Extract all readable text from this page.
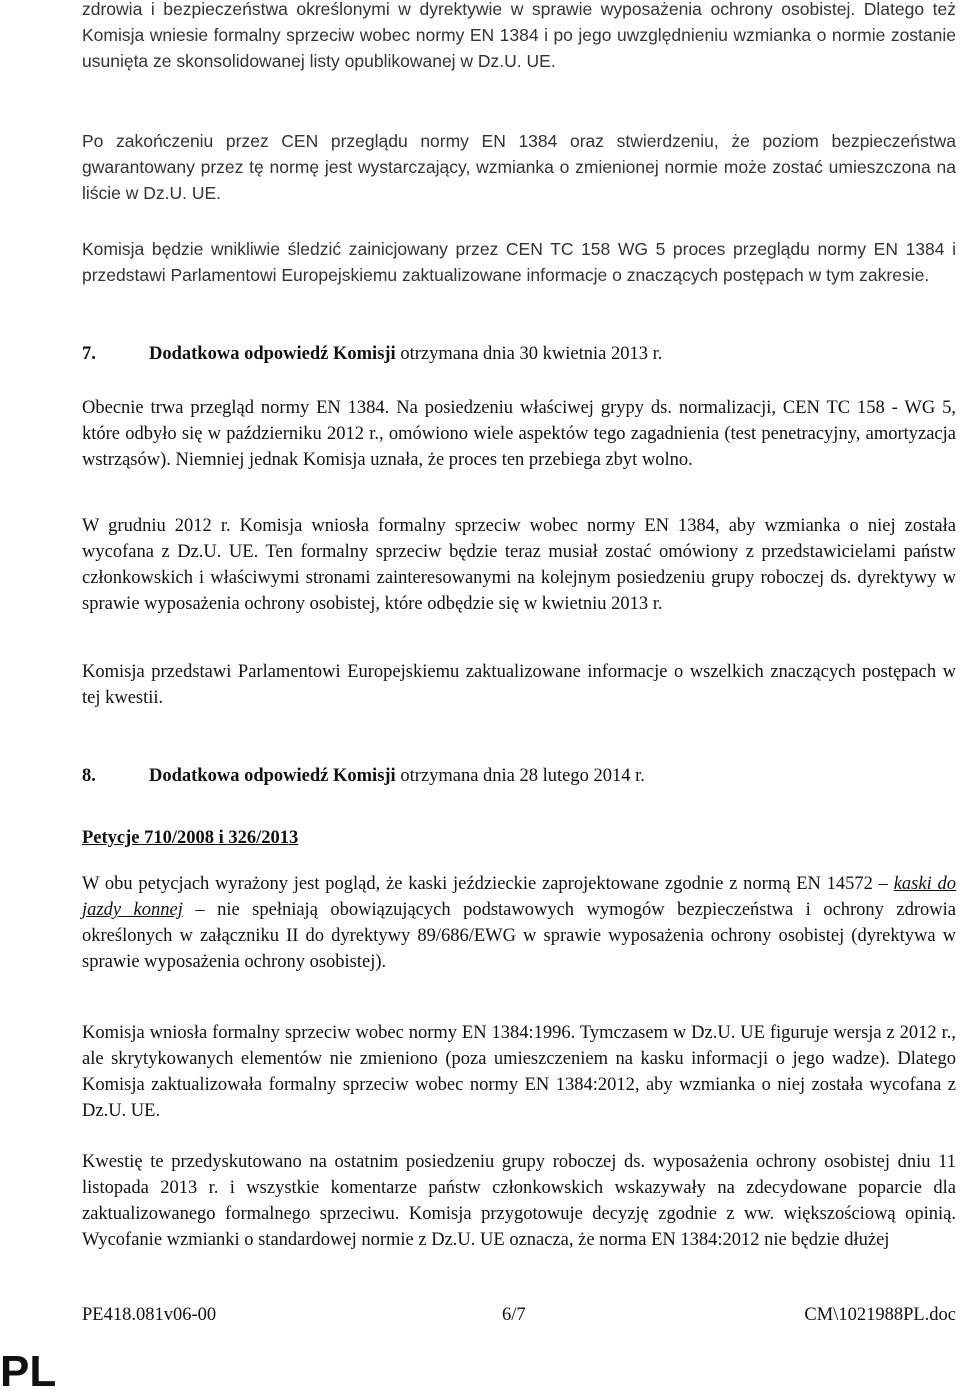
zdrowia i bezpieczeństwa określonymi w dyrektywie w sprawie wyposażenia ochrony osobistej. Dlatego też Komisja wniesie formalny sprzeciw wobec normy EN 1384 i po jego uwzględnieniu wzmianka o normie zostanie usunięta ze skonsolidowanej listy opublikowanej w Dz.U. UE.

Po zakończeniu przez CEN przeglądu normy EN 1384 oraz stwierdzeniu, że poziom bezpieczeństwa gwarantowany przez tę normę jest wystarczający, wzmianka o zmienionej normie może zostać umieszczona na liście w Dz.U. UE.

Komisja będzie wnikliwie śledzić zainicjowany przez CEN TC 158 WG 5 proces przeglądu normy EN 1384 i przedstawi Parlamentowi Europejskiemu zaktualizowane informacje o znaczących postępach w tym zakresie.

7.	Dodatkowa odpowiedź Komisji otrzymana dnia 30 kwietnia 2013 r.

Obecnie trwa przegląd normy EN 1384. Na posiedzeniu właściwej grypy ds. normalizacji, CEN TC 158 - WG 5, które odbyło się w październiku 2012 r., omówiono wiele aspektów tego zagadnienia (test penetracyjny, amortyzacja wstrząsów). Niemniej jednak Komisja uznała, że proces ten przebiega zbyt wolno.

W grudniu 2012 r. Komisja wniosła formalny sprzeciw wobec normy EN 1384, aby wzmianka o niej została wycofana z Dz.U. UE. Ten formalny sprzeciw będzie teraz musiał zostać omówiony z przedstawicielami państw członkowskich i właściwymi stronami zainteresowanymi na kolejnym posiedzeniu grupy roboczej ds. dyrektywy w sprawie wyposażenia ochrony osobistej, które odbędzie się w kwietniu 2013 r.

Komisja przedstawi Parlamentowi Europejskiemu zaktualizowane informacje o wszelkich znaczących postępach w tej kwestii.

8.	Dodatkowa odpowiedź Komisji otrzymana dnia 28 lutego 2014 r.
Petycje 710/2008 i 326/2013

W obu petycjach wyrażony jest pogląd, że kaski jeździeckie zaprojektowane zgodnie z normą EN 14572 – kaski do jazdy konnej – nie spełniają obowiązujących podstawowych wymogów bezpieczeństwa i ochrony zdrowia określonych w załączniku II do dyrektywy 89/686/EWG w sprawie wyposażenia ochrony osobistej (dyrektywa w sprawie wyposażenia ochrony osobistej).

Komisja wniosła formalny sprzeciw wobec normy EN 1384:1996. Tymczasem w Dz.U. UE figuruje wersja z 2012 r., ale skrytykowanych elementów nie zmieniono (poza umieszczeniem na kasku informacji o jego wadze). Dlatego Komisja zaktualizowała formalny sprzeciw wobec normy EN 1384:2012, aby wzmianka o niej została wycofana z Dz.U. UE.

Kwestię te przedyskutowano na ostatnim posiedzeniu grupy roboczej ds. wyposażenia ochrony osobistej dniu 11 listopada 2013 r. i wszystkie komentarze państw członkowskich wskazywały na zdecydowane poparcie dla zaktualizowanego formalnego sprzeciwu. Komisja przygotowuje decyzję zgodnie z ww. większościową opinią. Wycofanie wzmianki o standardowej normie z Dz.U. UE oznacza, że norma EN 1384:2012 nie będzie dłużej

PE418.081v06-00	6/7	CM\1021988PL.doc
PL
